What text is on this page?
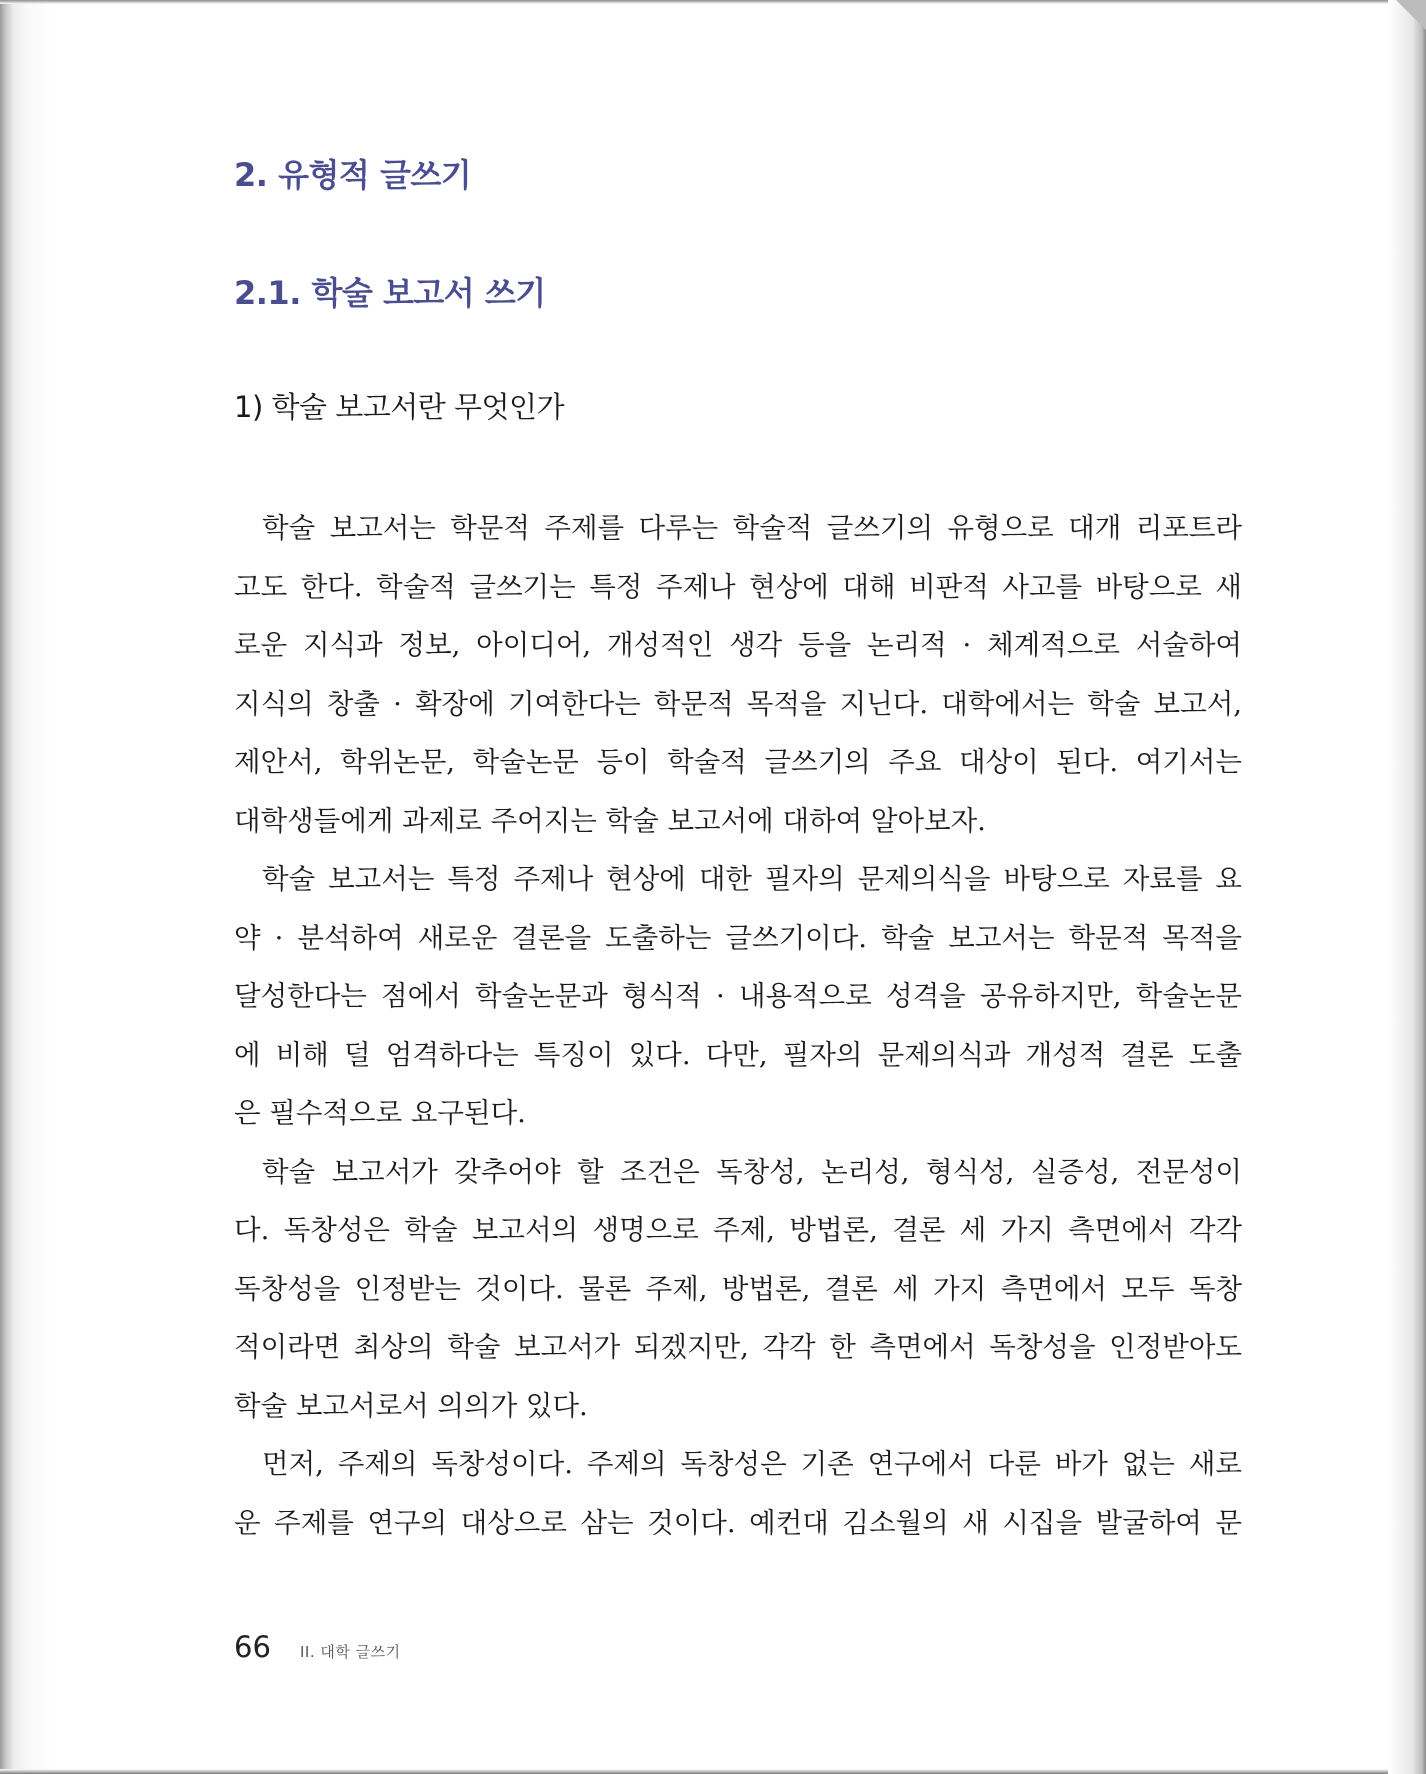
2. 유형적 글쓰기
2.1. 학술 보고서 쓰기
1) 학술 보고서란 무엇인가
학술 보고서는 학문적 주제를 다루는 학술적 글쓰기의 유형으로 대개 리포트라
고도 한다. 학술적 글쓰기는 특정 주제나 현상에 대해 비판적 사고를 바탕으로 새
로운 지식과 정보, 아이디어, 개성적인 생각 등을 논리적 · 체계적으로 서술하여
지식의 창출 · 확장에 기여한다는 학문적 목적을 지닌다. 대학에서는 학술 보고서,
제안서, 학위논문, 학술논문 등이 학술적 글쓰기의 주요 대상이 된다. 여기서는
대학생들에게 과제로 주어지는 학술 보고서에 대하여 알아보자.
학술 보고서는 특정 주제나 현상에 대한 필자의 문제의식을 바탕으로 자료를 요
약 · 분석하여 새로운 결론을 도출하는 글쓰기이다. 학술 보고서는 학문적 목적을
달성한다는 점에서 학술논문과 형식적 · 내용적으로 성격을 공유하지만, 학술논문
에 비해 덜 엄격하다는 특징이 있다. 다만, 필자의 문제의식과 개성적 결론 도출
은 필수적으로 요구된다.
학술 보고서가 갖추어야 할 조건은 독창성, 논리성, 형식성, 실증성, 전문성이
다. 독창성은 학술 보고서의 생명으로 주제, 방법론, 결론 세 가지 측면에서 각각
독창성을 인정받는 것이다. 물론 주제, 방법론, 결론 세 가지 측면에서 모두 독창
적이라면 최상의 학술 보고서가 되겠지만, 각각 한 측면에서 독창성을 인정받아도
학술 보고서로서 의의가 있다.
먼저, 주제의 독창성이다. 주제의 독창성은 기존 연구에서 다룬 바가 없는 새로
운 주제를 연구의 대상으로 삼는 것이다. 예컨대 김소월의 새 시집을 발굴하여 문
66 II. 대학 글쓰기
